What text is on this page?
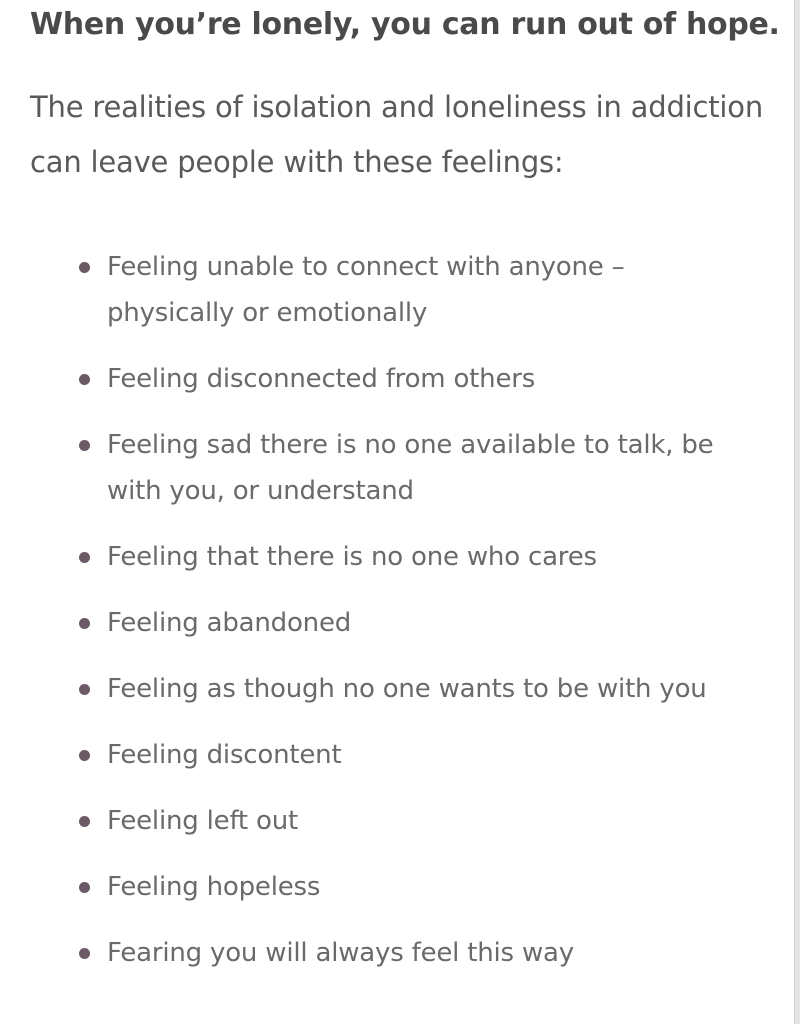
When you’re lonely, you can run out of hope.

The realities of isolation and loneliness in addiction can leave people with these feelings:

Feeling unable to connect with anyone – physically or emotionally
Feeling disconnected from others
Feeling sad there is no one available to talk, be with you, or understand
Feeling that there is no one who cares
Feeling abandoned
Feeling as though no one wants to be with you
Feeling discontent
Feeling left out
Feeling hopeless
Fearing you will always feel this way
